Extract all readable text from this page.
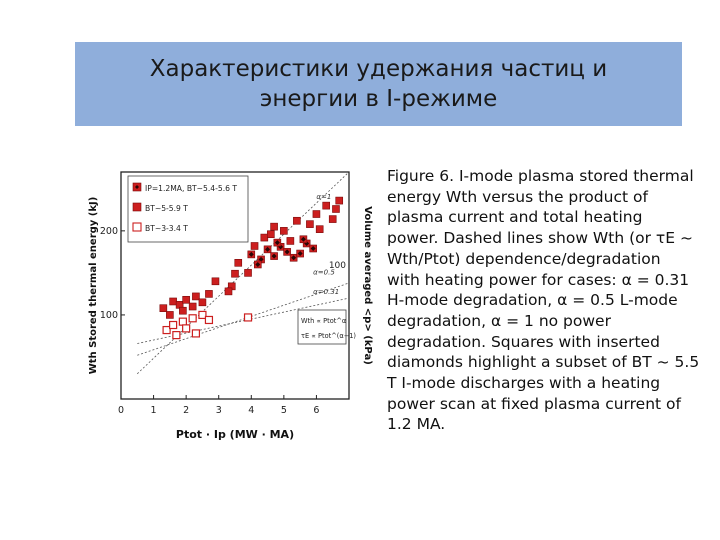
Характеристики удержания частиц и
энергии в I-режиме
0	1	2	3	4	5	6
100
200
100
IP=1.2MA, BT~5.4-5.6 T
BT~5-5.9 T
BT~3-3.4 T
α=1
α=0.5
α=0.31
Wth ∝ Ptot^α
τE ∝ Ptot^(α−1)
Ptot · Ip (MW · MA)
Wth Stored thermal energy (kJ)	Volume averaged <p> (kPa)
Figure 6. I-mode plasma stored thermal
energy Wth versus the product of
plasma current and total heating
power. Dashed lines show Wth (or τE ~
Wth/Ptot) dependence/degradation
with heating power for cases: α = 0.31
H-mode degradation, α = 0.5 L-mode
degradation, α = 1 no power
degradation. Squares with inserted
diamonds highlight a subset of BT ~ 5.5
T I-mode discharges with a heating
power scan at fixed plasma current of
1.2 MA.
